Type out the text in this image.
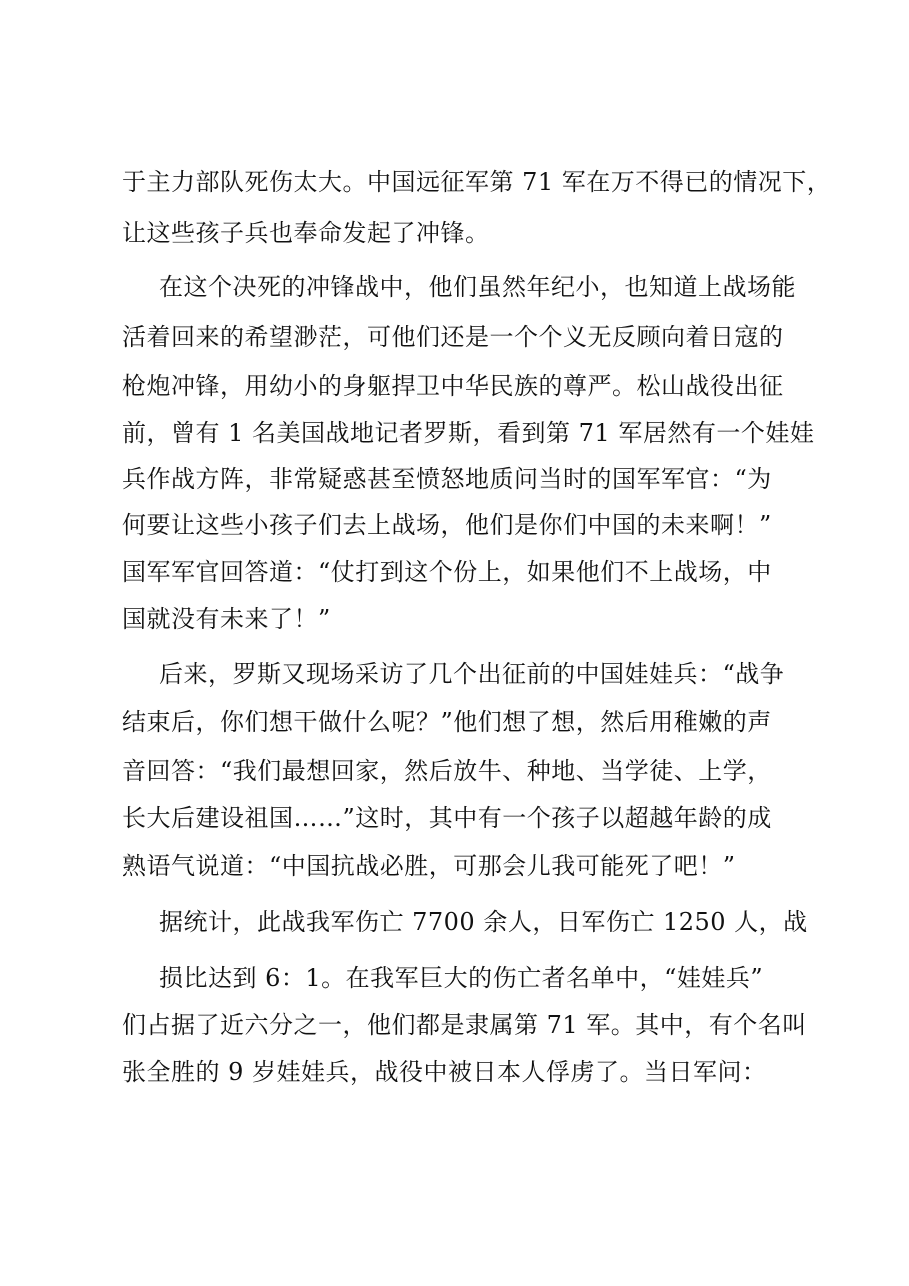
于主力部队死伤太大。中国远征军第 71 军在万不得已的情况下，
让这些孩子兵也奉命发起了冲锋。
在这个决死的冲锋战中，他们虽然年纪小，也知道上战场能
活着回来的希望渺茫，可他们还是一个个义无反顾向着日寇的
枪炮冲锋，用幼小的身躯捍卫中华民族的尊严。松山战役出征
前，曾有 1 名美国战地记者罗斯，看到第 71 军居然有一个娃娃
兵作战方阵，非常疑惑甚至愤怒地质问当时的国军军官：“为
何要让这些小孩子们去上战场，他们是你们中国的未来啊！”
国军军官回答道：“仗打到这个份上，如果他们不上战场，中
国就没有未来了！”
后来，罗斯又现场采访了几个出征前的中国娃娃兵：“战争
结束后，你们想干做什么呢？”他们想了想，然后用稚嫩的声
音回答：“我们最想回家，然后放牛、种地、当学徒、上学，
长大后建设祖国……”这时，其中有一个孩子以超越年龄的成
熟语气说道：“中国抗战必胜，可那会儿我可能死了吧！”
据统计，此战我军伤亡 7700 余人，日军伤亡 1250 人，战
损比达到 6：1。在我军巨大的伤亡者名单中，“娃娃兵”
们占据了近六分之一，他们都是隶属第 71 军。其中，有个名叫
张全胜的 9 岁娃娃兵，战役中被日本人俘虏了。当日军问：
